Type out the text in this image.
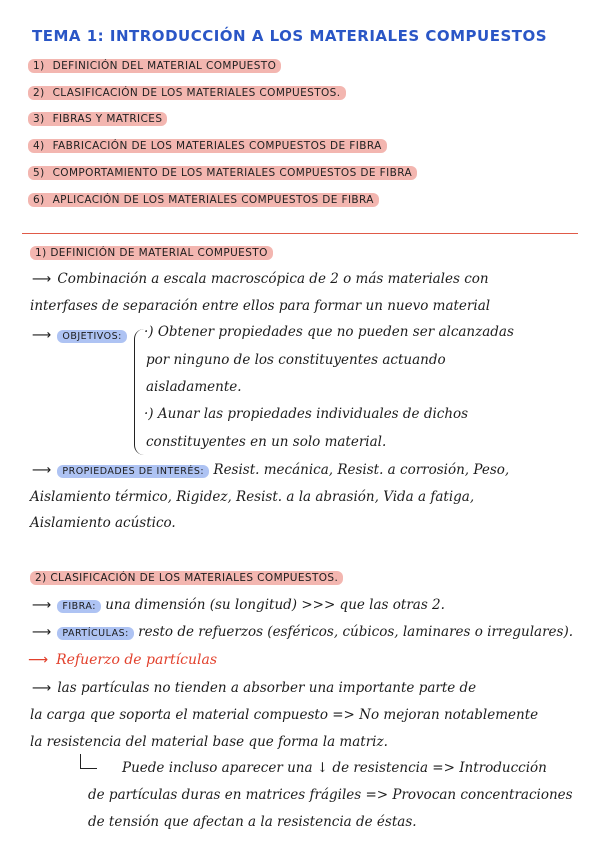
TEMA 1: INTRODUCCIÓN A LOS MATERIALES COMPUESTOS
1) DEFINICIÓN DEL MATERIAL COMPUESTO
2) CLASIFICACIÓN DE LOS MATERIALES COMPUESTOS.
3) FIBRAS Y MATRICES
4) FABRICACIÓN DE LOS MATERIALES COMPUESTOS DE FIBRA
5) COMPORTAMIENTO DE LOS MATERIALES COMPUESTOS DE FIBRA
6) APLICACIÓN DE LOS MATERIALES COMPUESTOS DE FIBRA
1) DEFINICIÓN DE MATERIAL COMPUESTO
⟶ Combinación a escala macroscópica de 2 o más materiales con
interfases de separación entre ellos para formar un nuevo material
⟶ OBJETIVOS:	·) Obtener propiedades que no pueden ser alcanzadas
por ninguno de los constituyentes actuando
aisladamente.
·) Aunar las propiedades individuales de dichos
constituyentes en un solo material.
⟶ PROPIEDADES DE INTERÉS: Resist. mecánica, Resist. a corrosión, Peso,
Aislamiento térmico, Rigidez, Resist. a la abrasión, Vida a fatiga,
Aislamiento acústico.
2) CLASIFICACIÓN DE LOS MATERIALES COMPUESTOS.
⟶ FIBRA: una dimensión (su longitud) >>> que las otras 2.
⟶ PARTÍCULAS: resto de refuerzos (esféricos, cúbicos, laminares o irregulares).
⟶ Refuerzo de partículas
⟶ las partículas no tienden a absorber una importante parte de
la carga que soporta el material compuesto => No mejoran notablemente
la resistencia del material base que forma la matriz.
Puede incluso aparecer una ↓ de resistencia => Introducción
de partículas duras en matrices frágiles => Provocan concentraciones
de tensión que afectan a la resistencia de éstas.
